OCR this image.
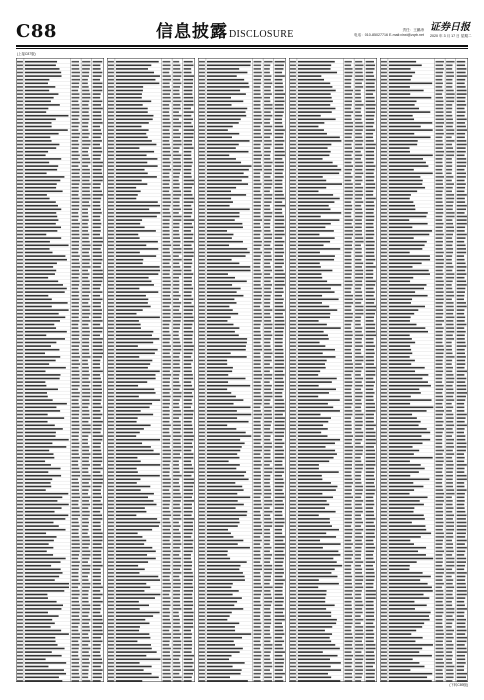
C88	信息披露DISCLOSURE	责任：王鹏涛
电话：010-85027716 E-mail:xinxi@zqrb.net
证券日报
2020 年 3 月 17 日 星期二
(上接C87版)
(下转C89版)
